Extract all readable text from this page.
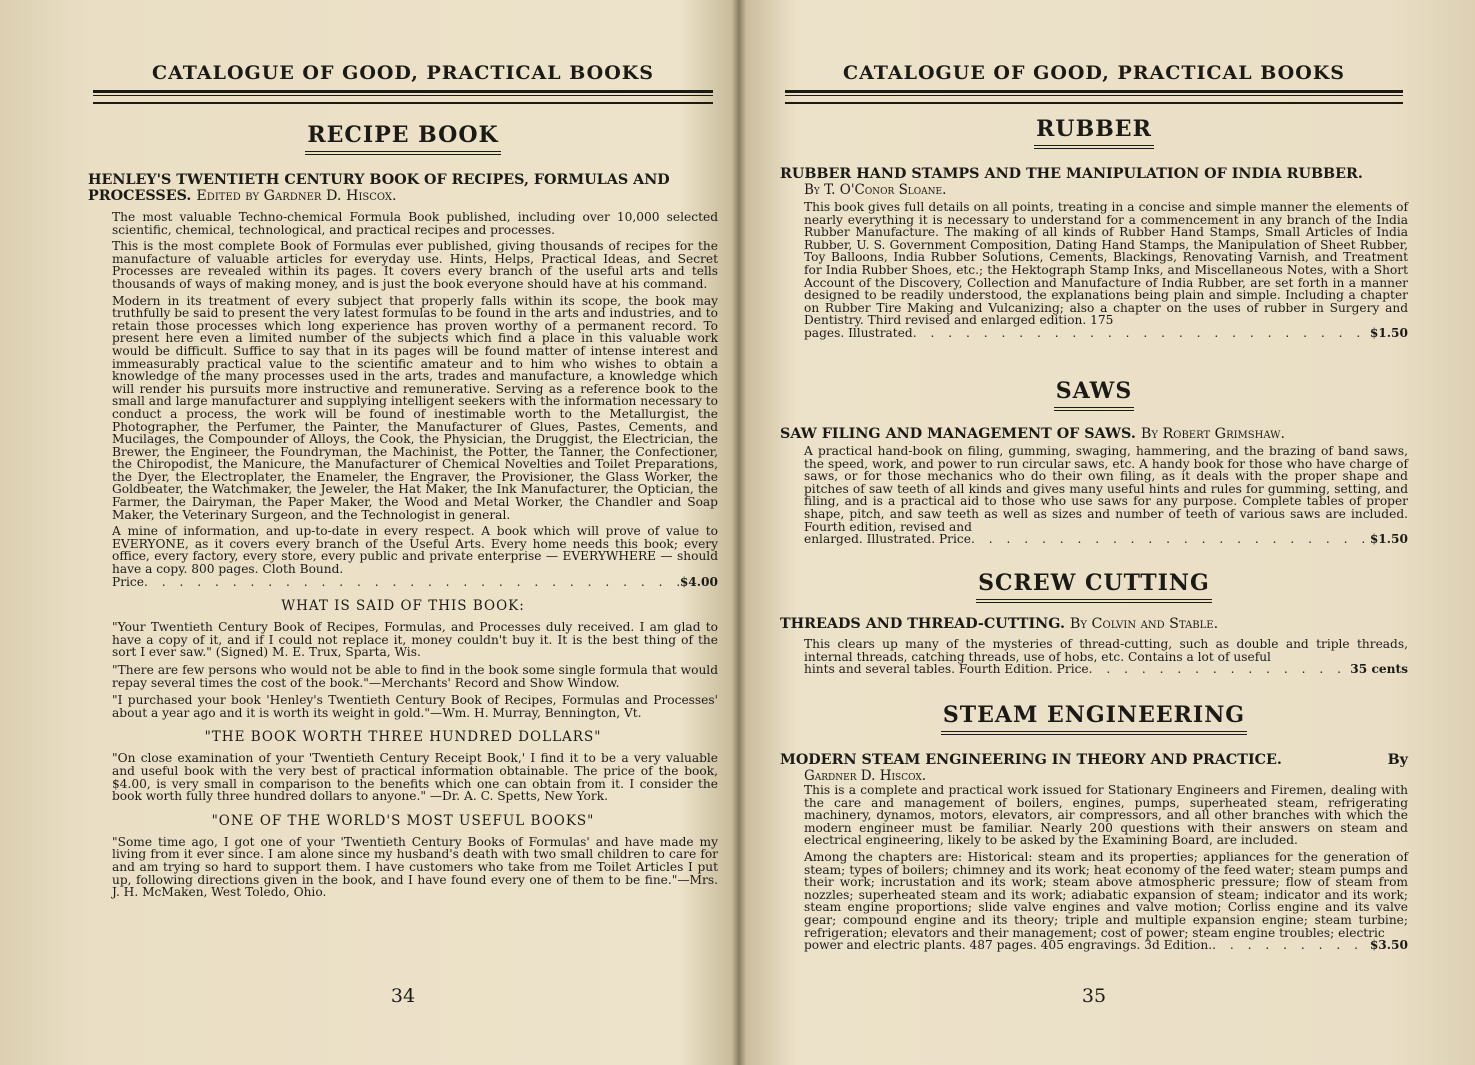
CATALOGUE OF GOOD, PRACTICAL BOOKS
RECIPE BOOK
HENLEY'S TWENTIETH CENTURY BOOK OF RECIPES, FORMULAS AND PROCESSES. Edited by Gardner D. Hiscox.

The most valuable Techno-chemical Formula Book published, including over 10,000 selected scientific, chemical, technological, and practical recipes and processes.

This is the most complete Book of Formulas ever published, giving thousands of recipes for the manufacture of valuable articles for everyday use. Hints, Helps, Practical Ideas, and Secret Processes are revealed within its pages. It covers every branch of the useful arts and tells thousands of ways of making money, and is just the book everyone should have at his command.

Modern in its treatment of every subject that properly falls within its scope, the book may truthfully be said to present the very latest formulas to be found in the arts and industries, and to retain those processes which long experience has proven worthy of a permanent record. To present here even a limited number of the subjects which find a place in this valuable work would be difficult. Suffice to say that in its pages will be found matter of intense interest and immeasurably practical value to the scientific amateur and to him who wishes to obtain a knowledge of the many processes used in the arts, trades and manufacture, a knowledge which will render his pursuits more instructive and remunerative. Serving as a reference book to the small and large manufacturer and supplying intelligent seekers with the information necessary to conduct a process, the work will be found of inestimable worth to the Metallurgist, the Photographer, the Perfumer, the Painter, the Manufacturer of Glues, Pastes, Cements, and Mucilages, the Compounder of Alloys, the Cook, the Physician, the Druggist, the Electrician, the Brewer, the Engineer, the Foundryman, the Machinist, the Potter, the Tanner, the Confectioner, the Chiropodist, the Manicure, the Manufacturer of Chemical Novelties and Toilet Preparations, the Dyer, the Electroplater, the Enameler, the Engraver, the Provisioner, the Glass Worker, the Goldbeater, the Watchmaker, the Jeweler, the Hat Maker, the Ink Manufacturer, the Optician, the Farmer, the Dairyman, the Paper Maker, the Wood and Metal Worker, the Chandler and Soap Maker, the Veterinary Surgeon, and the Technologist in general.

A mine of information, and up-to-date in every respect. A book which will prove of value to EVERYONE, as it covers every branch of the Useful Arts. Every home needs this book; every office, every factory, every store, every public and private enterprise — EVERYWHERE — should have a copy. 800 pages. Cloth Bound.

Price . . .	$4.00
WHAT IS SAID OF THIS BOOK:

"Your Twentieth Century Book of Recipes, Formulas, and Processes duly received. I am glad to have a copy of it, and if I could not replace it, money couldn't buy it. It is the best thing of the sort I ever saw." (Signed) M. E. Trux, Sparta, Wis.

"There are few persons who would not be able to find in the book some single formula that would repay several times the cost of the book."—Merchants' Record and Show Window.

"I purchased your book 'Henley's Twentieth Century Book of Recipes, Formulas and Processes' about a year ago and it is worth its weight in gold."—Wm. H. Murray, Bennington, Vt.

"THE BOOK WORTH THREE HUNDRED DOLLARS"

"On close examination of your 'Twentieth Century Receipt Book,' I find it to be a very valuable and useful book with the very best of practical information obtainable. The price of the book, $4.00, is very small in comparison to the benefits which one can obtain from it. I consider the book worth fully three hundred dollars to anyone." —Dr. A. C. Spetts, New York.

"ONE OF THE WORLD'S MOST USEFUL BOOKS"

"Some time ago, I got one of your 'Twentieth Century Books of Formulas' and have made my living from it ever since. I am alone since my husband's death with two small children to care for and am trying so hard to support them. I have customers who take from me Toilet Articles I put up, following directions given in the book, and I have found every one of them to be fine."—Mrs. J. H. McMaken, West Toledo, Ohio.

34
CATALOGUE OF GOOD, PRACTICAL BOOKS
RUBBER
RUBBER HAND STAMPS AND THE MANIPULATION OF INDIA RUBBER.
By T. O'Conor Sloane.

This book gives full details on all points, treating in a concise and simple manner the elements of nearly everything it is necessary to understand for a commencement in any branch of the India Rubber Manufacture. The making of all kinds of Rubber Hand Stamps, Small Articles of India Rubber, U. S. Government Composition, Dating Hand Stamps, the Manipulation of Sheet Rubber, Toy Balloons, India Rubber Solutions, Cements, Blackings, Renovating Varnish, and Treatment for India Rubber Shoes, etc.; the Hektograph Stamp Inks, and Miscellaneous Notes, with a Short Account of the Discovery, Collection and Manufacture of India Rubber, are set forth in a manner designed to be readily understood, the explanations being plain and simple. Including a chapter on Rubber Tire Making and Vulcanizing; also a chapter on the uses of rubber in Surgery and Dentistry. Third revised and enlarged edition. 175

pages. Illustrated . . .	$1.50
SAWS
SAW FILING AND MANAGEMENT OF SAWS. By Robert Grimshaw.

A practical hand-book on filing, gumming, swaging, hammering, and the brazing of band saws, the speed, work, and power to run circular saws, etc. A handy book for those who have charge of saws, or for those mechanics who do their own filing, as it deals with the proper shape and pitches of saw teeth of all kinds and gives many useful hints and rules for gumming, setting, and filing, and is a practical aid to those who use saws for any purpose. Complete tables of proper shape, pitch, and saw teeth as well as sizes and number of teeth of various saws are included. Fourth edition, revised and

enlarged. Illustrated. Price . . .	$1.50
SCREW CUTTING
THREADS AND THREAD-CUTTING. By Colvin and Stable.

This clears up many of the mysteries of thread-cutting, such as double and triple threads, internal threads, catching threads, use of hobs, etc. Contains a lot of useful

hints and several tables. Fourth Edition. Price . . .	35 cents
STEAM ENGINEERING
MODERN STEAM ENGINEERING IN THEORY AND PRACTICE.	By
Gardner D. Hiscox.

This is a complete and practical work issued for Stationary Engineers and Firemen, dealing with the care and management of boilers, engines, pumps, superheated steam, refrigerating machinery, dynamos, motors, elevators, air compressors, and all other branches with which the modern engineer must be familiar. Nearly 200 questions with their answers on steam and electrical engineering, likely to be asked by the Examining Board, are included.

Among the chapters are: Historical: steam and its properties; appliances for the generation of steam; types of boilers; chimney and its work; heat economy of the feed water; steam pumps and their work; incrustation and its work; steam above atmospheric pressure; flow of steam from nozzles; superheated steam and its work; adiabatic expansion of steam; indicator and its work; steam engine proportions; slide valve engines and valve motion; Corliss engine and its valve gear; compound engine and its theory; triple and multiple expansion engine; steam turbine; refrigeration; elevators and their management; cost of power; steam engine troubles; electric

power and electric plants. 487 pages. 405 engravings. 3d Edition. . . .	$3.50
35
